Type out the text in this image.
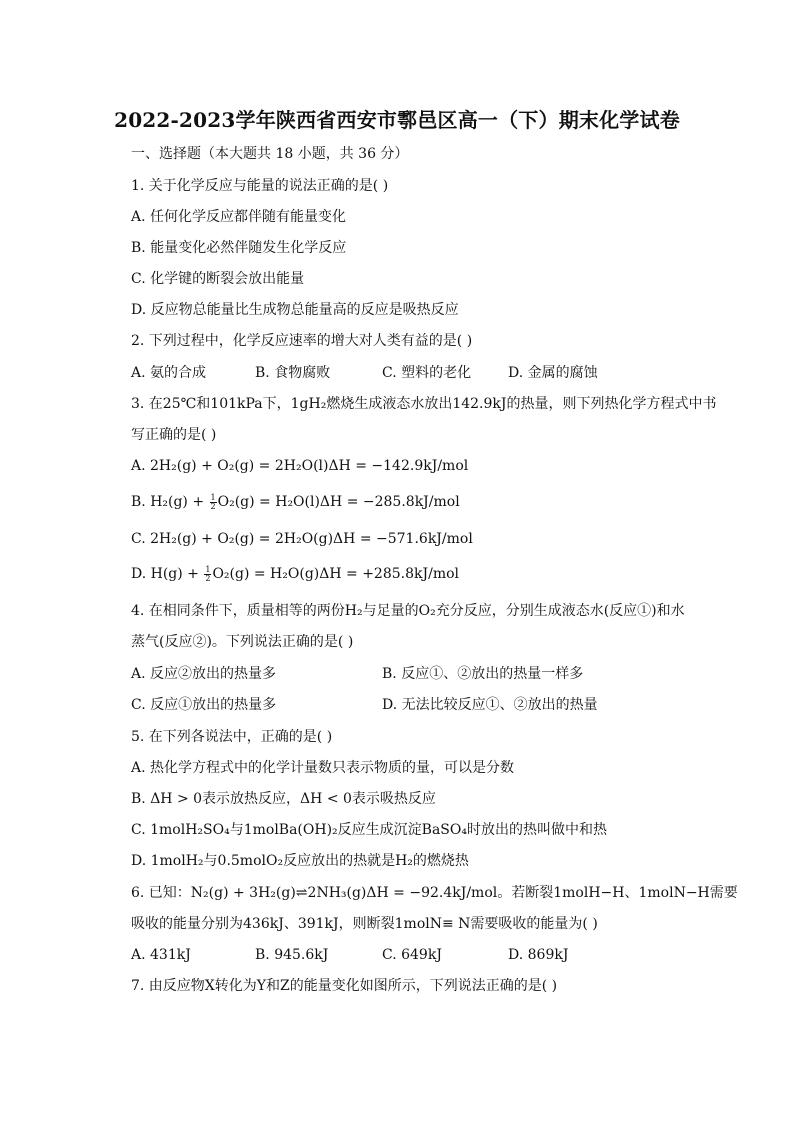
2022-2023学年陕西省西安市鄠邑区高一（下）期末化学试卷
一、选择题（本大题共 18 小题，共 36 分）
1. 关于化学反应与能量的说法正确的是( )
A. 任何化学反应都伴随有能量变化
B. 能量变化必然伴随发生化学反应
C. 化学键的断裂会放出能量
D. 反应物总能量比生成物总能量高的反应是吸热反应
2. 下列过程中，化学反应速率的增大对人类有益的是( )
A. 氨的合成	B. 食物腐败	C. 塑料的老化	D. 金属的腐蚀
3. 在25℃和101kPa下，1gH₂燃烧生成液态水放出142.9kJ的热量，则下列热化学方程式中书
写正确的是( )
A. 2H₂(g) + O₂(g) = 2H₂O(l)ΔH = −142.9kJ/mol
B. $H_2(g) + \frac{1}{2} O_2(g) = H_2O(l)\Delta H = -285.8kJ/mol$
C. 2H₂(g) + O₂(g) = 2H₂O(g)ΔH = −571.6kJ/mol
D. $H(g) + \frac{1}{2} O_2(g) = H_2O(g)\Delta H = +285.8kJ/mol$
4. 在相同条件下，质量相等的两份H₂与足量的O₂充分反应，分别生成液态水(反应①)和水
蒸气(反应②)。下列说法正确的是( )
A. 反应②放出的热量多	B. 反应①、②放出的热量一样多
C. 反应①放出的热量多	D. 无法比较反应①、②放出的热量
5. 在下列各说法中，正确的是( )
A. 热化学方程式中的化学计量数只表示物质的量，可以是分数
B. ΔH > 0表示放热反应，ΔH < 0表示吸热反应
C. 1molH₂SO₄与1molBa(OH)₂反应生成沉淀BaSO₄时放出的热叫做中和热
D. 1molH₂与0.5molO₂反应放出的热就是H₂的燃烧热
6. 已知：N₂(g) + 3H₂(g)⇌2NH₃(g)ΔH = −92.4kJ/mol。若断裂1molH−H、1molN−H需要
吸收的能量分别为436kJ、391kJ，则断裂1molN≡ N需要吸收的能量为( )
A. 431kJ	B. 945.6kJ	C. 649kJ	D. 869kJ
7. 由反应物X转化为Y和Z的能量变化如图所示，下列说法正确的是( )
